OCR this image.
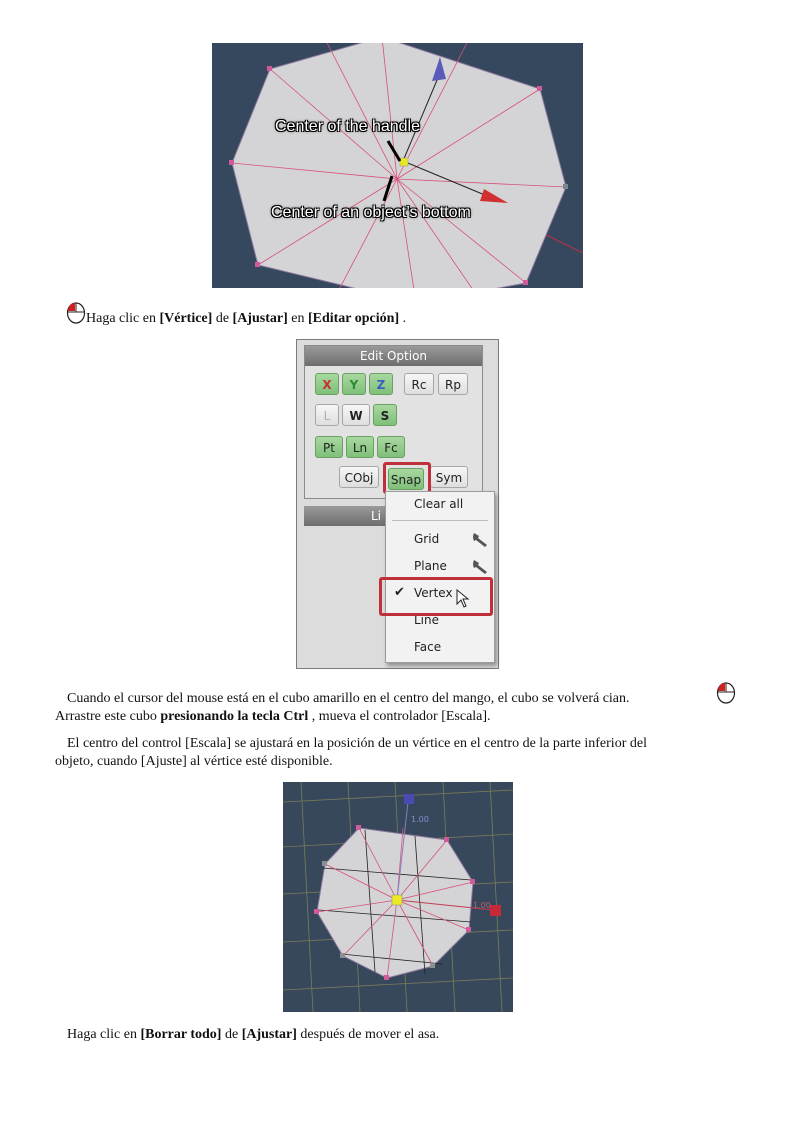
Center of the handle
Center of an object’s bottom
Haga clic en [Vértice] de [Ajustar] en [Editar opción] .
Edit Option
X	Y	Z	Rc	Rp
L	W	S
Pt	Ln	Fc
CObj	Snap	Sym
Li
Clear all
Grid
Plane
✔ Vertex
Line
Face
Cuando el cursor del mouse está en el cubo amarillo en el centro del mango, el cubo se volverá cian.
Arrastre este cubo presionando la tecla Ctrl , mueva el controlador [Escala].
El centro del control [Escala] se ajustará en la posición de un vértice en el centro de la parte inferior del
objeto, cuando [Ajuste] al vértice esté disponible.
1.00
1.00
Haga clic en [Borrar todo] de [Ajustar] después de mover el asa.
